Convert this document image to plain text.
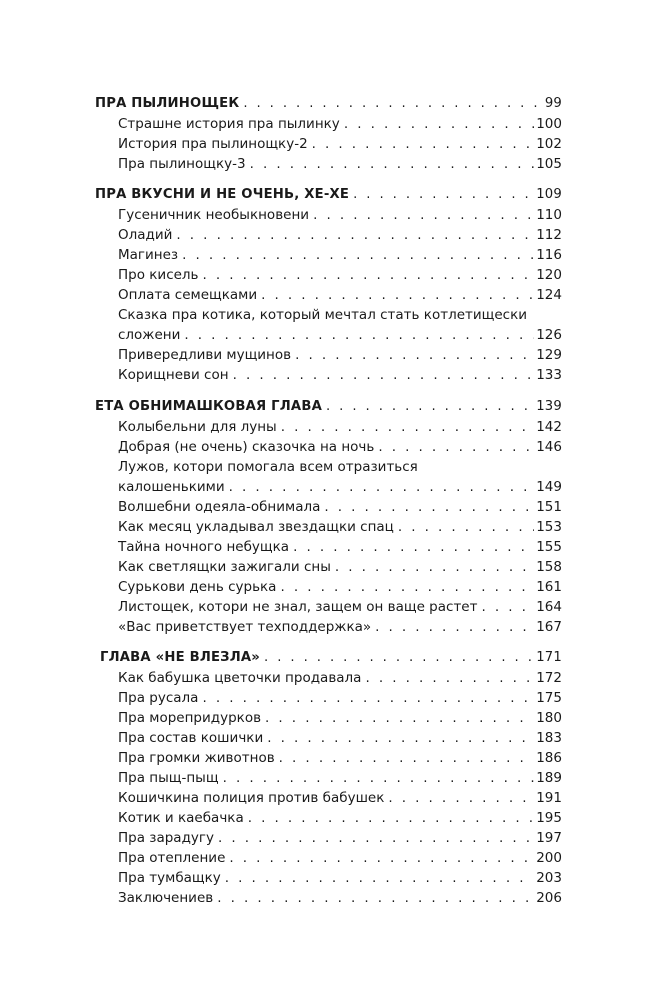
ПРА ПЫЛИНОЩЕК . . .	99
Страшне история пра пылинку . . .	100
История пра пылинощку-2 . . .	102
Пра пылинощку-3 . . .	105
ПРА ВКУСНИ И НЕ ОЧЕНЬ, ХЕ-ХЕ . . .	109
Гусеничник необыкновени . . .	110
Оладий . . .	112
Магинез . . .	116
Про кисель . . .	120
Оплата семещками . . .	124
Сказка пра котика, который мечтал стать котлетищески
сложени . . .	126
Привередливи мущинов . . .	129
Корищневи сон . . .	133
ЕТА ОБНИМАШКОВАЯ ГЛАВА . . .	139
Колыбельни для луны . . .	142
Добрая (не очень) сказочка на ночь . . .	146
Лужов, котори помогала всем отразиться
калошенькими . . .	149
Волшебни одеяла-обнимала . . .	151
Как месяц укладывал звездащки спац . . .	153
Тайна ночного небущка . . .	155
Как светлящки зажигали сны . . .	158
Сурькови день сурька . . .	161
Листощек, котори не знал, защем он ваще растет . . .	164
«Вас приветствует техподдержка» . . .	167
ГЛАВА «НЕ ВЛЕЗЛА» . . .	171
Как бабушка цветочки продавала . . .	172
Пра русала . . .	175
Пра морепридурков . . .	180
Пра состав кошички . . .	183
Пра громки животнов . . .	186
Пра пыщ-пыщ . . .	189
Кошичкина полиция против бабушек . . .	191
Котик и каебачка . . .	195
Пра зарадугу . . .	197
Пра отепление . . .	200
Пра тумбащку . . .	203
Заключениев . . .	206
